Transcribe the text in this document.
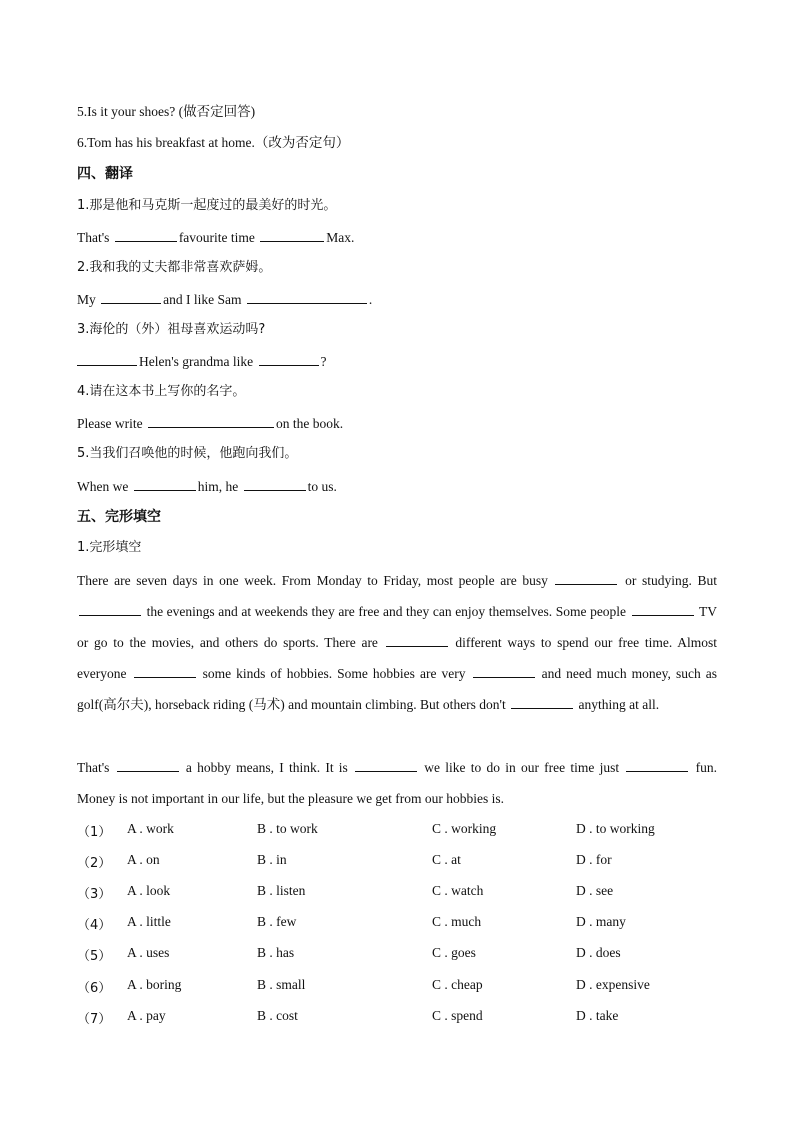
5.Is it your shoes? (做否定回答)
6.Tom has his breakfast at home.（改为否定句）
四、翻译
1.那是他和马克斯一起度过的最美好的时光。
That's	favourite time	Max.
2.我和我的丈夫都非常喜欢萨姆。
My	and I like Sam	.
3.海伦的（外）祖母喜欢运动吗?
Helen's grandma like	?
4.请在这本书上写你的名字。
Please write	on the book.
5.当我们召唤他的时候，他跑向我们。
When we	him, he	to us.
五、完形填空
1.完形填空
There are seven days in one week. From Monday to Friday, most people are busy	or studying. But  the evenings and at weekends they are free and they can enjoy themselves. Some people	TV or go to the movies, and others do sports. There are	different ways to spend our free time. Almost everyone	some kinds of hobbies. Some hobbies are very	and need much money, such as golf(高尔夫), horseback riding (马术) and mountain climbing. But others don't	anything at all.
That's	a hobby means, I think. It is	we like to do in our free time just	fun. Money is not important in our life, but the pleasure we get from our hobbies is.
（1） A . work	B . to work	C . working	D . to working
（2） A . on	B . in	C . at	D . for
（3） A . look	B . listen	C . watch	D . see
（4） A . little	B . few	C . much	D . many
（5） A . uses	B . has	C . goes	D . does
（6） A . boring	B . small	C . cheap	D . expensive
（7） A . pay	B . cost	C . spend	D . take
